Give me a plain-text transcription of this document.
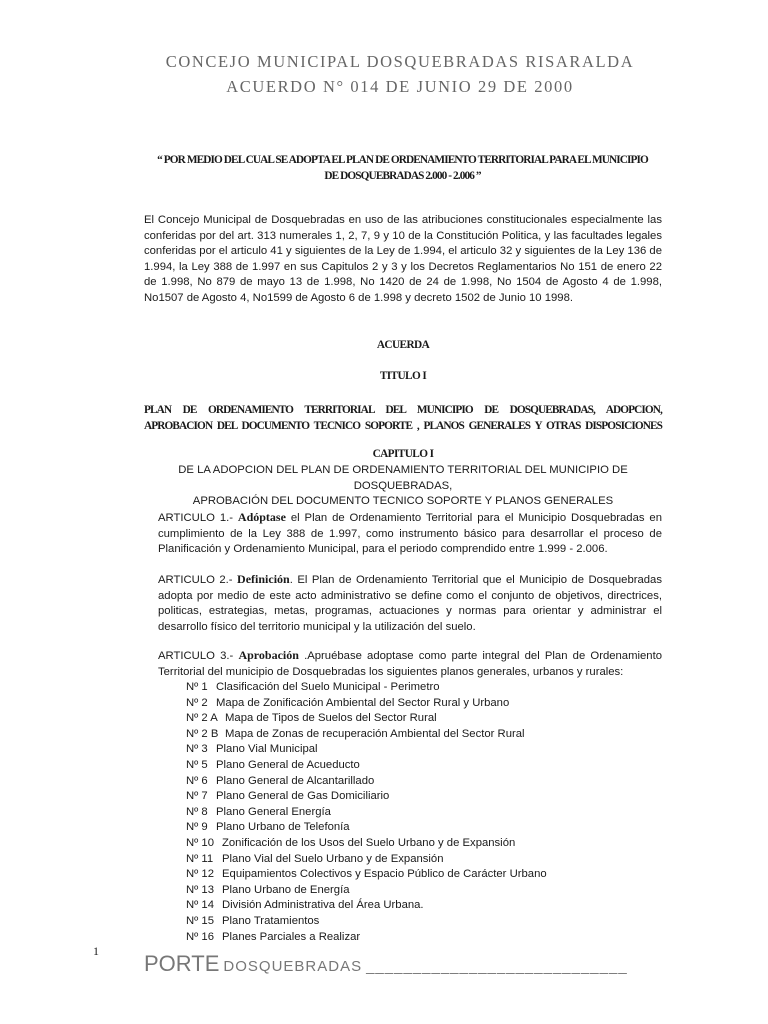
CONCEJO MUNICIPAL DOSQUEBRADAS RISARALDA
ACUERDO N° 014 DE JUNIO 29 DE 2000
“ POR MEDIO DEL CUAL SE ADOPTA EL PLAN DE ORDENAMIENTO TERRITORIAL PARA EL MUNICIPIO
DE DOSQUEBRADAS 2.000 - 2.006 ”

El Concejo Municipal de Dosquebradas en uso de las atribuciones constitucionales especialmente las conferidas por del art. 313 numerales 1, 2, 7, 9 y 10 de la Constitución Politica, y las facultades legales conferidas por el articulo 41 y siguientes de la Ley de 1.994, el articulo 32 y siguientes de la Ley 136 de 1.994, la Ley 388 de 1.997 en sus Capitulos 2 y 3 y los Decretos Reglamentarios No 151 de enero 22 de 1.998, No 879 de mayo 13 de 1.998, No 1420 de 24 de 1.998, No 1504 de Agosto 4 de 1.998, No1507 de Agosto 4, No1599 de Agosto 6 de 1.998 y decreto 1502 de Junio 10 1998.

ACUERDA
TITULO I
PLAN DE ORDENAMIENTO TERRITORIAL DEL MUNICIPIO DE DOSQUEBRADAS, ADOPCION,
APROBACION DEL DOCUMENTO TECNICO SOPORTE , PLANOS GENERALES Y OTRAS DISPOSICIONES
CAPITULO I
DE LA ADOPCION DEL PLAN DE ORDENAMIENTO TERRITORIAL DEL MUNICIPIO DE DOSQUEBRADAS,
APROBACIÓN DEL DOCUMENTO TECNICO SOPORTE Y PLANOS GENERALES

ARTICULO 1.- Adóptase el Plan de Ordenamiento Territorial para el Municipio Dosquebradas en cumplimiento de la Ley 388 de 1.997, como instrumento básico para desarrollar el proceso de Planificación y Ordenamiento Municipal, para el periodo comprendido entre 1.999 - 2.006.

ARTICULO 2.- Definición. El Plan de Ordenamiento Territorial que el Municipio de Dosquebradas adopta por medio de este acto administrativo se define como el conjunto de objetivos, directrices, politicas, estrategias, metas, programas, actuaciones y normas para orientar y administrar el desarrollo físico del territorio municipal y la utilización del suelo.

ARTICULO 3.- Aprobación .Apruébase adoptase como parte integral del Plan de Ordenamiento Territorial del municipio de Dosquebradas los siguientes planos generales, urbanos y rurales:

Nº 1 Clasificación del Suelo Municipal - Perimetro
Nº 2 Mapa de Zonificación Ambiental del Sector Rural y Urbano
Nº 2 A Mapa de Tipos de Suelos del Sector Rural
Nº 2 B Mapa de Zonas de recuperación Ambiental del Sector Rural
Nº 3 Plano Vial Municipal
Nº 5 Plano General de Acueducto
Nº 6 Plano General de Alcantarillado
Nº 7 Plano General de Gas Domiciliario
Nº 8 Plano General Energía
Nº 9 Plano Urbano de Telefonía
Nº 10 Zonificación de los Usos del Suelo Urbano y de Expansión
Nº 11 Plano Vial del Suelo Urbano y de Expansión
Nº 12 Equipamientos Colectivos y Espacio Público de Carácter Urbano
Nº 13 Plano Urbano de Energía
Nº 14 División Administrativa del Área Urbana.
Nº 15 Plano Tratamientos
Nº 16 Planes Parciales a Realizar
1 PORTE DOSQUEBRADAS ____________________________
